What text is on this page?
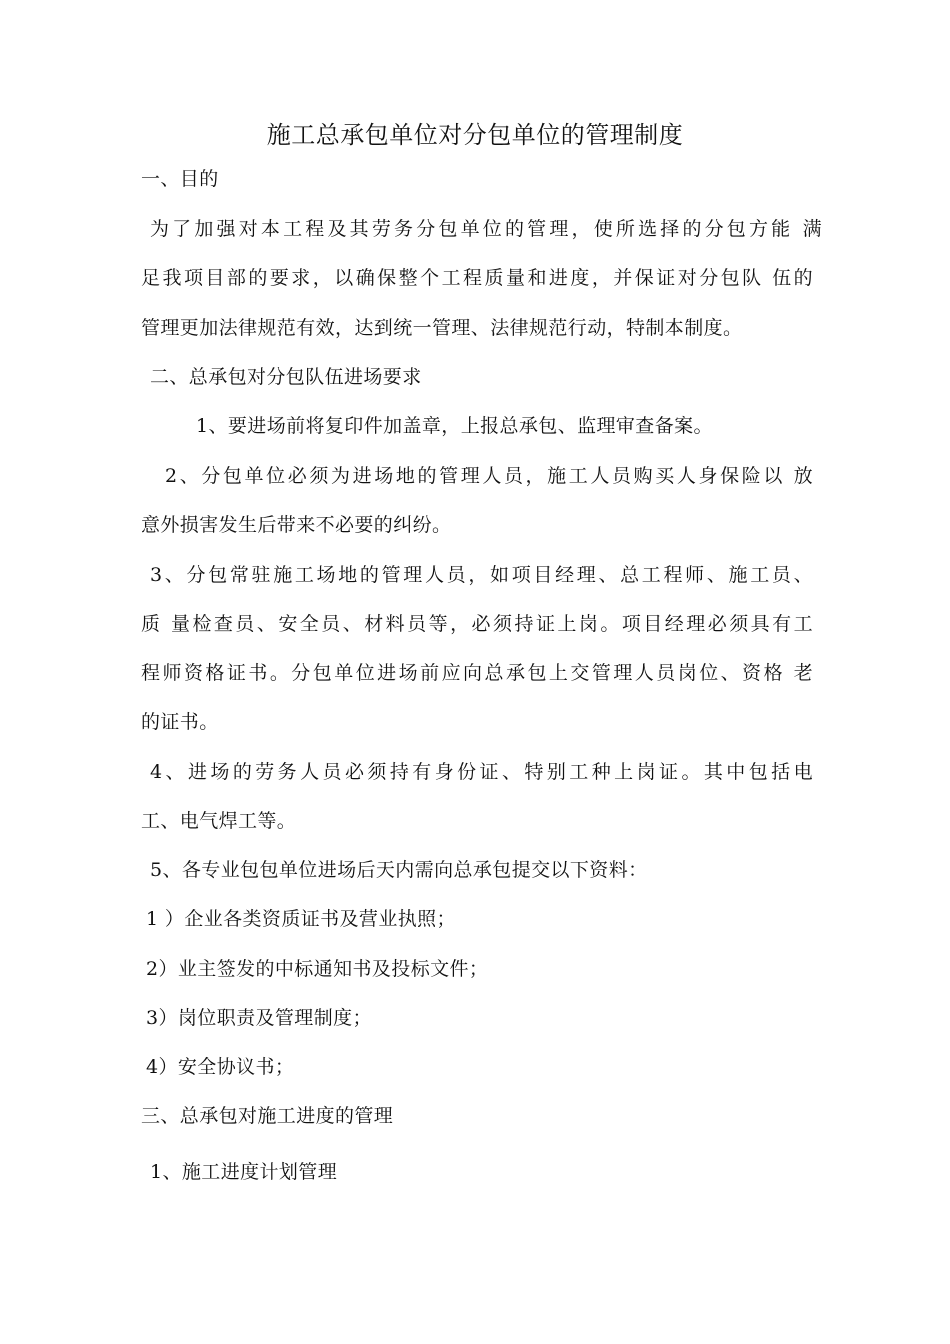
施工总承包单位对分包单位的管理制度

一、目的

为了加强对本工程及其劳务分包单位的管理，使所选择的分包方能 满

足我项目部的要求，以确保整个工程质量和进度，并保证对分包队 伍的

管理更加法律规范有效，达到统一管理、法律规范行动，特制本制度。

二、总承包对分包队伍进场要求

1、要进场前将复印件加盖章，上报总承包、监理审查备案。

2、分包单位必须为进场地的管理人员，施工人员购买人身保险以 放

意外损害发生后带来不必要的纠纷。

3、分包常驻施工场地的管理人员，如项目经理、总工程师、施工员、

质 量检查员、安全员、材料员等，必须持证上岗。项目经理必须具有工

程师资格证书。分包单位进场前应向总承包上交管理人员岗位、资格 老

的证书。

4、进场的劳务人员必须持有身份证、特别工种上岗证。其中包括电

工、电气焊工等。

5、各专业包包单位进场后天内需向总承包提交以下资料：

1 ）企业各类资质证书及营业执照；

2）业主签发的中标通知书及投标文件；

3）岗位职责及管理制度；

4）安全协议书；

三、总承包对施工进度的管理

1、施工进度计划管理
